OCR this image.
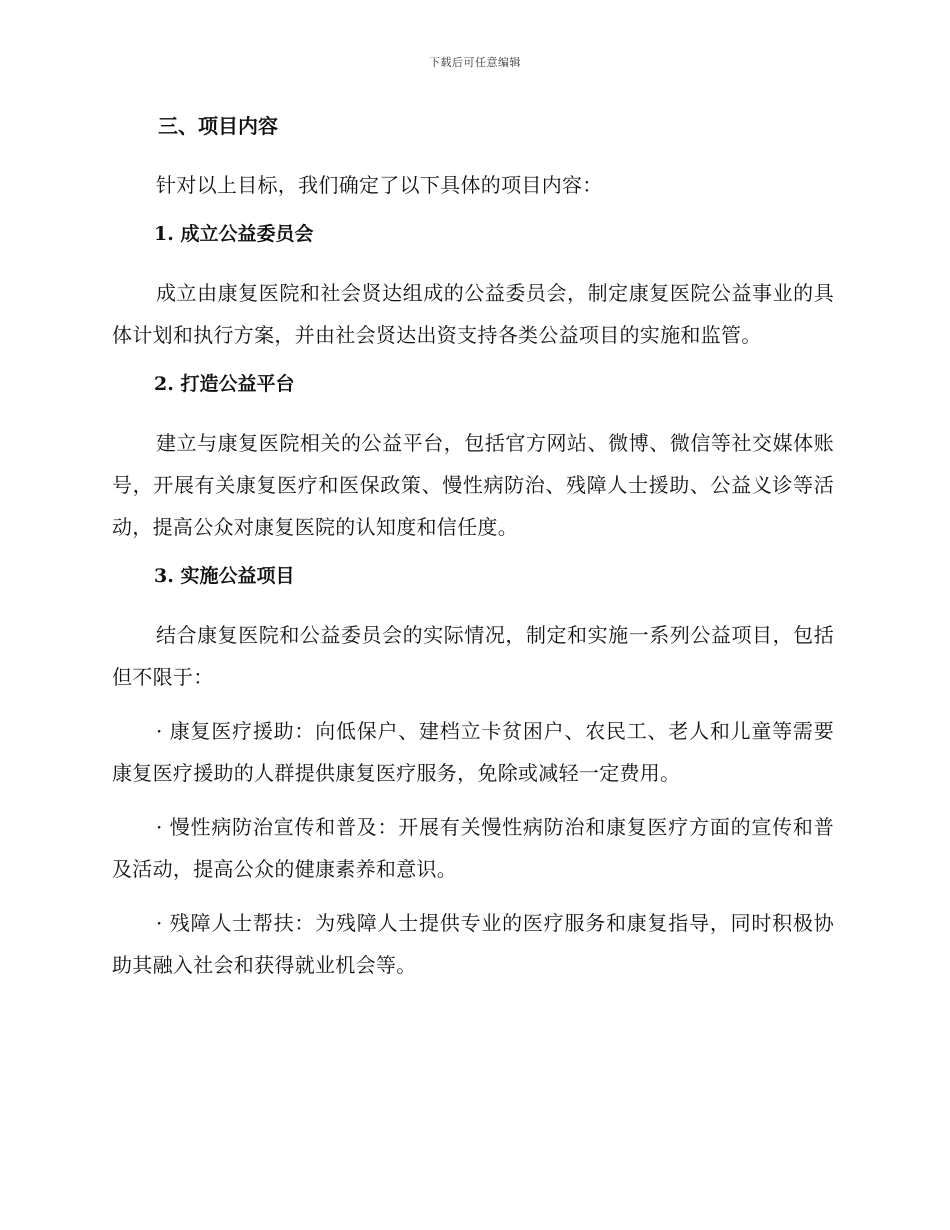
下载后可任意编辑
三、项目内容

针对以上目标，我们确定了以下具体的项目内容：

1. 成立公益委员会

成立由康复医院和社会贤达组成的公益委员会，制定康复医院公益事业的具体计划和执行方案，并由社会贤达出资支持各类公益项目的实施和监管。

2. 打造公益平台

建立与康复医院相关的公益平台，包括官方网站、微博、微信等社交媒体账号，开展有关康复医疗和医保政策、慢性病防治、残障人士援助、公益义诊等活动，提高公众对康复医院的认知度和信任度。

3. 实施公益项目

结合康复医院和公益委员会的实际情况，制定和实施一系列公益项目，包括但不限于：

· 康复医疗援助：向低保户、建档立卡贫困户、农民工、老人和儿童等需要康复医疗援助的人群提供康复医疗服务，免除或减轻一定费用。

· 慢性病防治宣传和普及：开展有关慢性病防治和康复医疗方面的宣传和普及活动，提高公众的健康素养和意识。

· 残障人士帮扶：为残障人士提供专业的医疗服务和康复指导，同时积极协助其融入社会和获得就业机会等。
